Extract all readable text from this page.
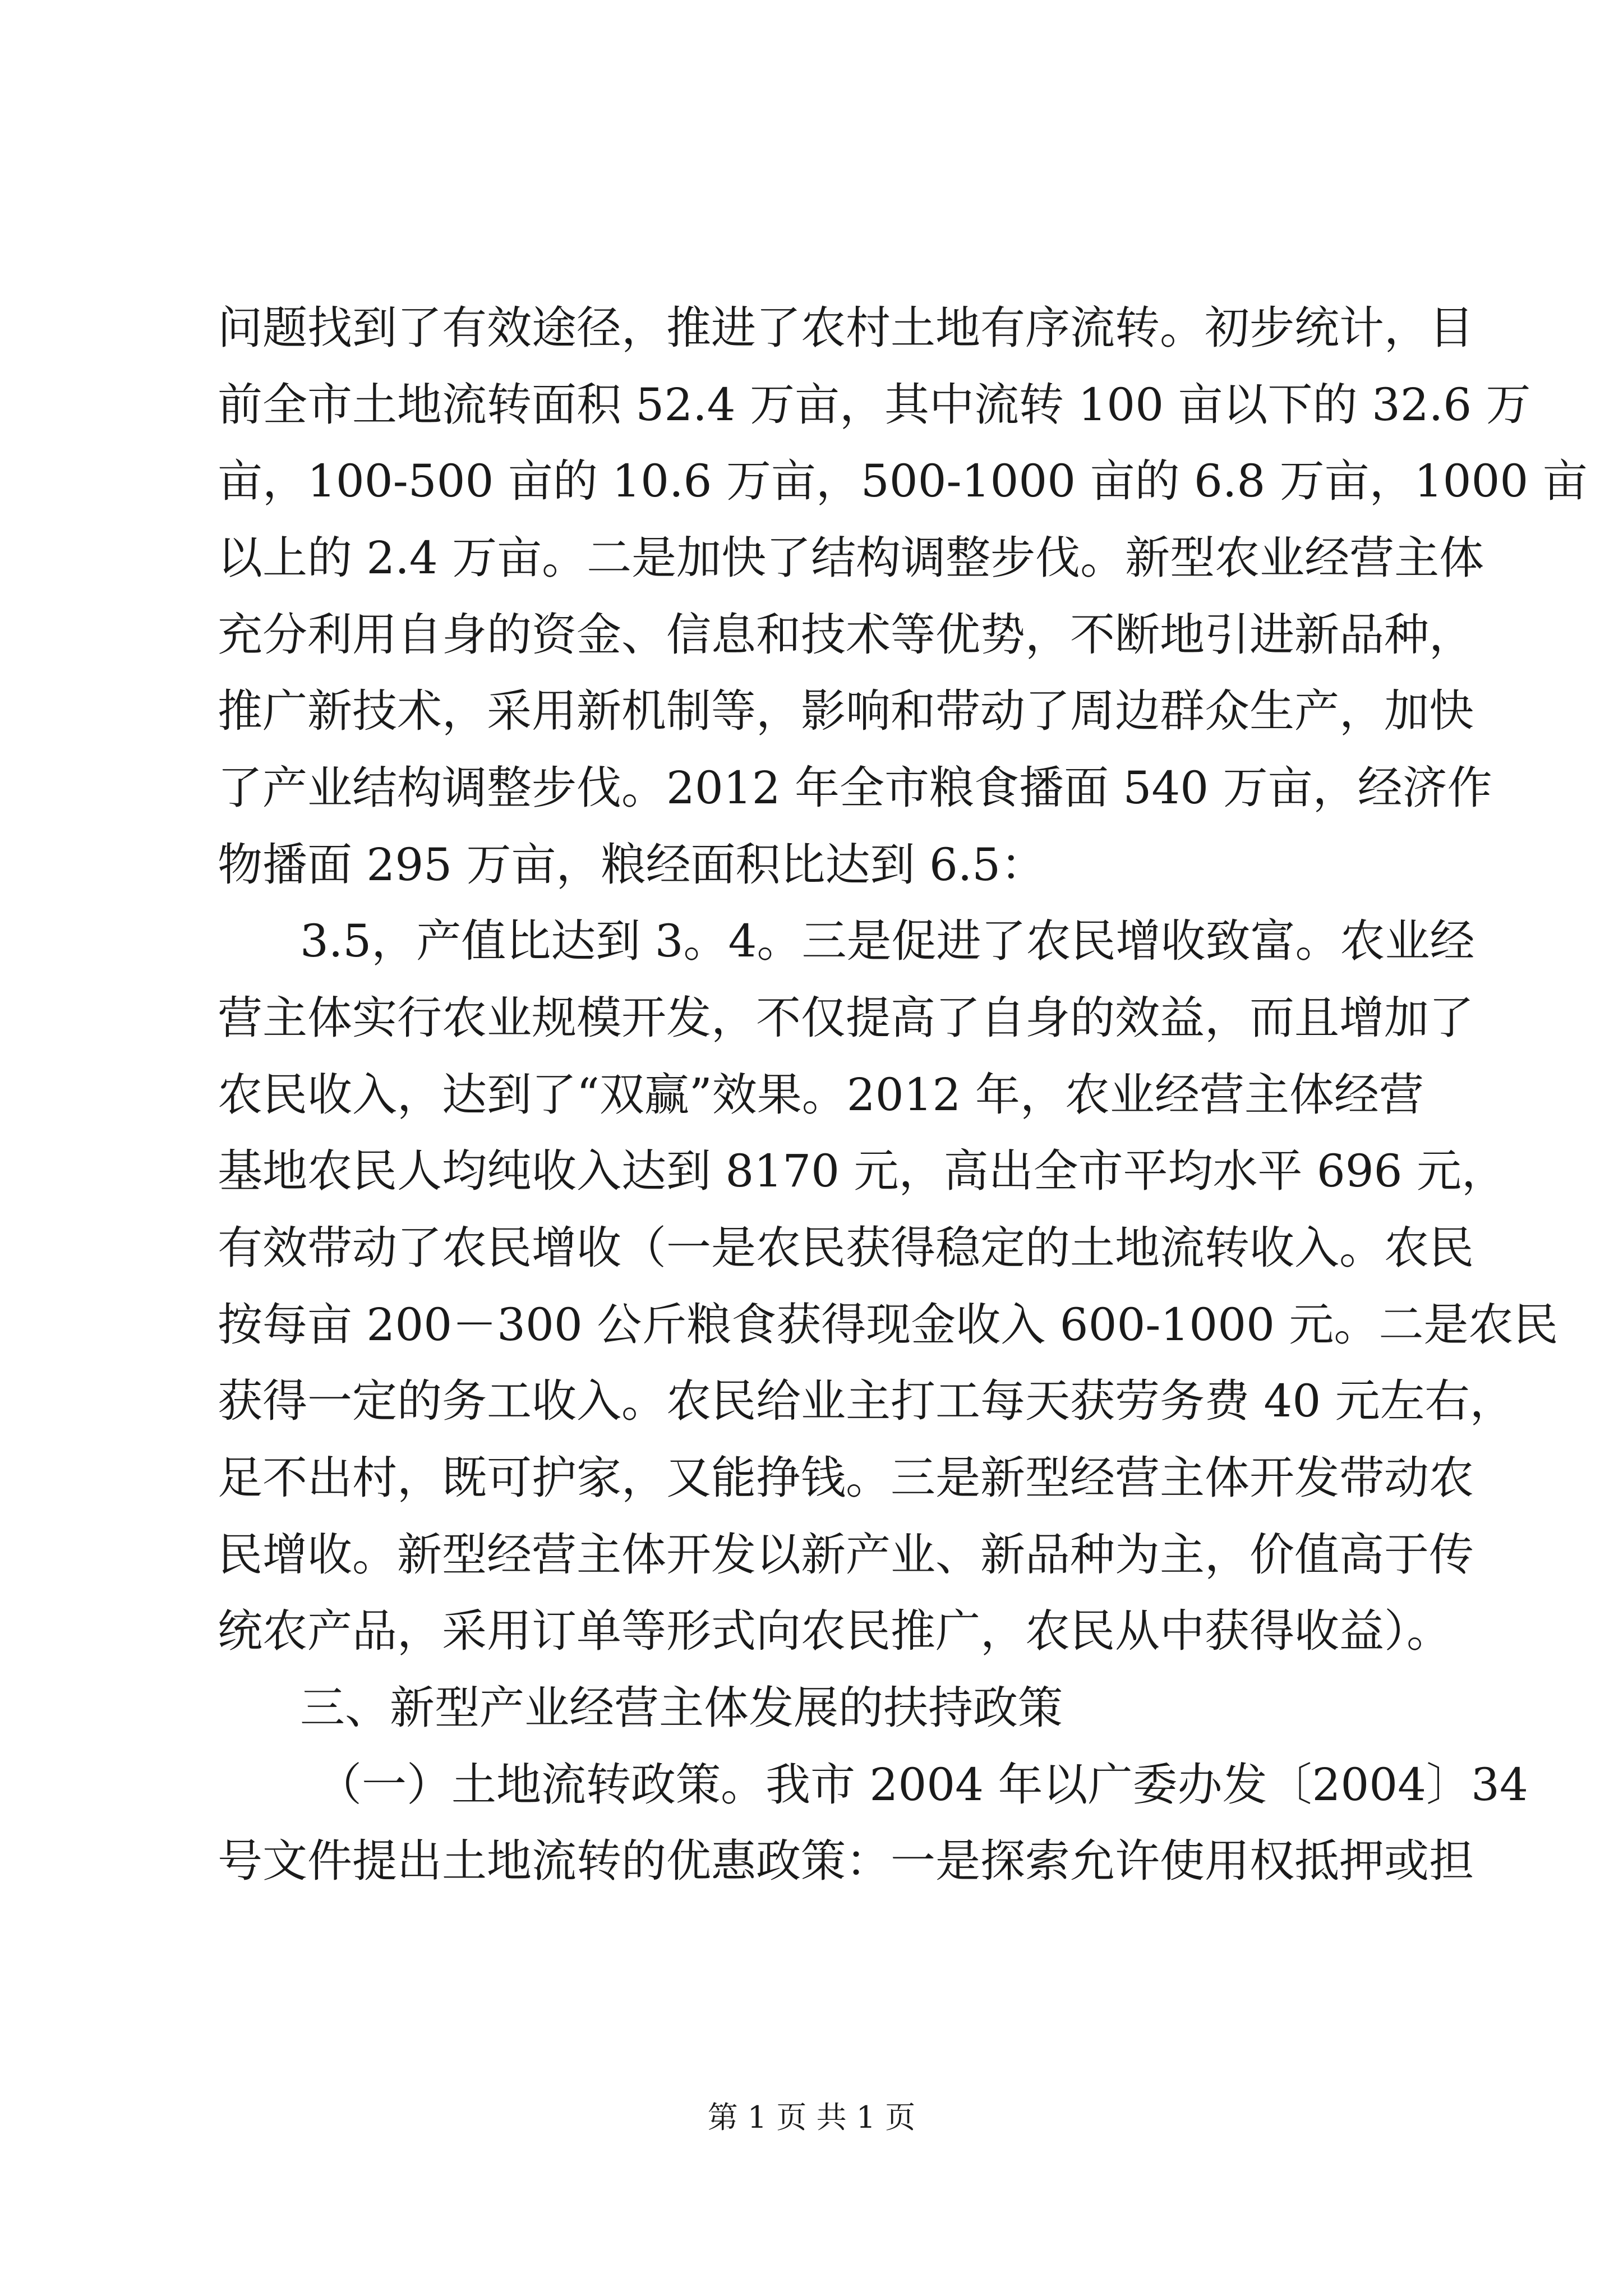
问题找到了有效途径，推进了农村土地有序流转。初步统计，目
前全市土地流转面积 52.4 万亩，其中流转 100 亩以下的 32.6 万
亩，100-500 亩的 10.6 万亩，500-1000 亩的 6.8 万亩，1000 亩
以上的 2.4 万亩。二是加快了结构调整步伐。新型农业经营主体
充分利用自身的资金、信息和技术等优势，不断地引进新品种，
推广新技术，采用新机制等，影响和带动了周边群众生产，加快
了产业结构调整步伐。2012 年全市粮食播面 540 万亩，经济作
物播面 295 万亩，粮经面积比达到 6.5：
3.5，产值比达到 3。4。三是促进了农民增收致富。农业经
营主体实行农业规模开发，不仅提高了自身的效益，而且增加了
农民收入，达到了“双赢”效果。2012 年，农业经营主体经营
基地农民人均纯收入达到 8170 元，高出全市平均水平 696 元，
有效带动了农民增收（一是农民获得稳定的土地流转收入。农民
按每亩 200－300 公斤粮食获得现金收入 600-1000 元。二是农民
获得一定的务工收入。农民给业主打工每天获劳务费 40 元左右，
足不出村，既可护家，又能挣钱。三是新型经营主体开发带动农
民增收。新型经营主体开发以新产业、新品种为主，价值高于传
统农产品，采用订单等形式向农民推广，农民从中获得收益）。
三、新型产业经营主体发展的扶持政策
（一）土地流转政策。我市 2004 年以广委办发〔2004〕34
号文件提出土地流转的优惠政策：一是探索允许使用权抵押或担
第 1 页 共 1 页
